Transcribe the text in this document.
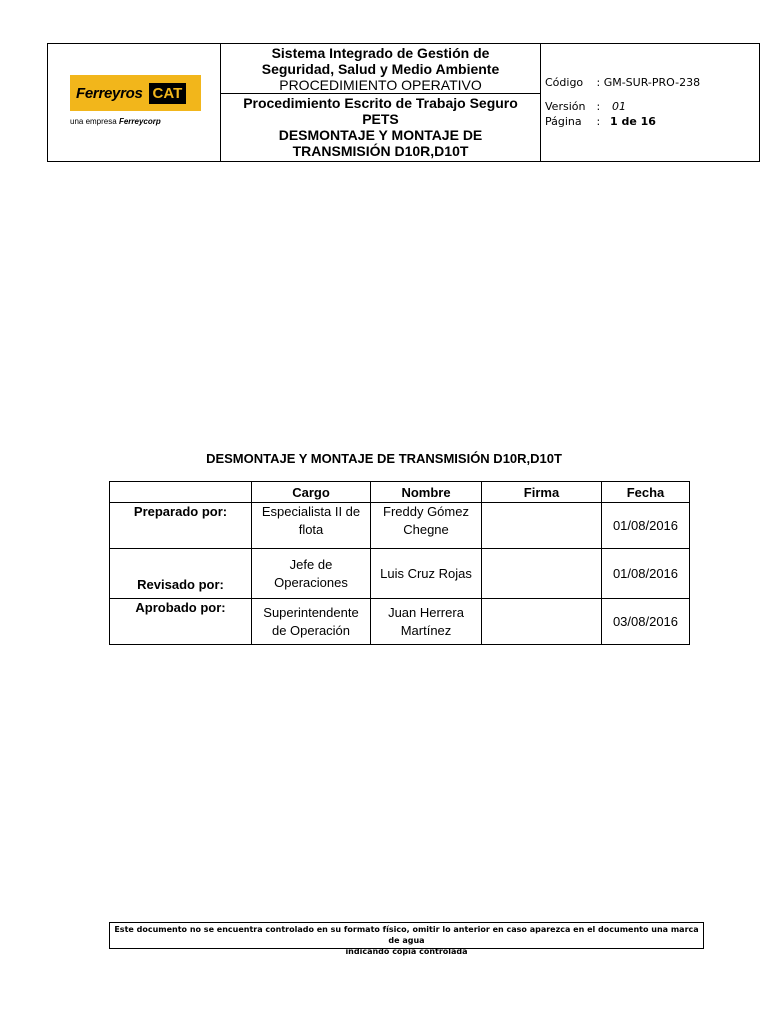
Ferreyros CAT
una empresa Ferreycorp
Sistema Integrado de Gestión de
Seguridad, Salud y Medio Ambiente
PROCEDIMIENTO OPERATIVO
Procedimiento Escrito de Trabajo Seguro
PETS
DESMONTAJE Y MONTAJE DE
TRANSMISIÓN D10R,D10T
Código : GM-SUR-PRO-238
Versión : 01
Página : 1 de 16
DESMONTAJE Y MONTAJE DE TRANSMISIÓN D10R,D10T
	Cargo	Nombre	Firma	Fecha
Preparado por:	Especialista II de flota	Freddy Gómez Chegne		01/08/2016
Revisado por:	Jefe de Operaciones	Luis Cruz Rojas		01/08/2016
Aprobado por:	Superintendente de Operación	Juan Herrera Martínez		03/08/2016
Este documento no se encuentra controlado en su formato físico, omitir lo anterior en caso aparezca en el documento una marca de agua
indicando copia controlada
